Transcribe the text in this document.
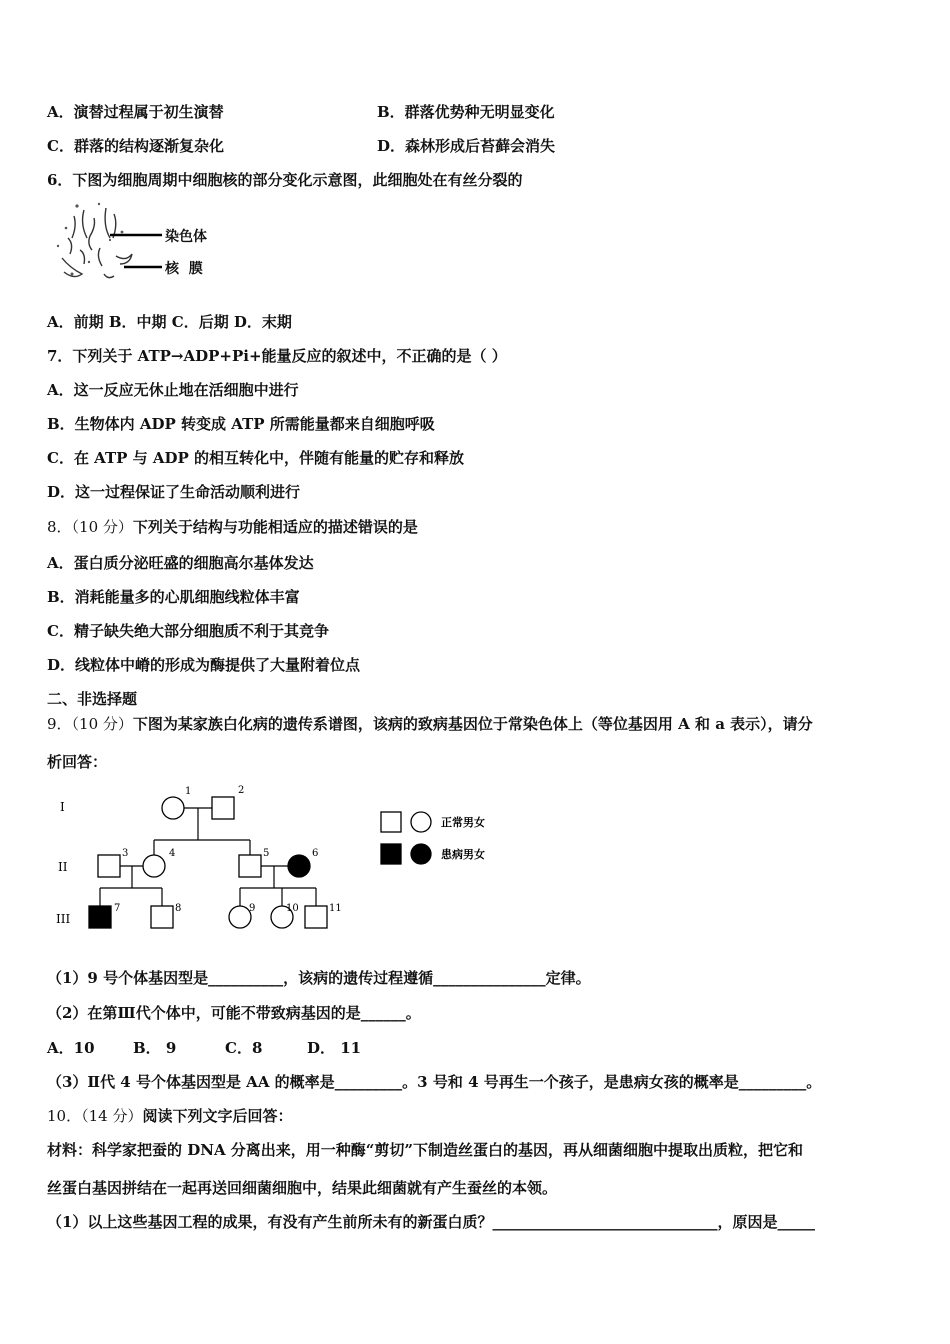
A．演替过程属于初生演替	B．群落优势种无明显变化
C．群落的结构逐渐复杂化	D．森林形成后苔藓会消失
6．下图为细胞周期中细胞核的部分变化示意图，此细胞处在有丝分裂的
染色体
核  膜
A．前期 B．中期 C．后期 D．末期
7．下列关于 ATP→ADP+Pi+能量反应的叙述中，不正确的是（ ）
A．这一反应无休止地在活细胞中进行
B．生物体内 ADP 转变成 ATP 所需能量都来自细胞呼吸
C．在 ATP 与 ADP 的相互转化中，伴随有能量的贮存和释放
D．这一过程保证了生命活动顺利进行
8．（10 分）下列关于结构与功能相适应的描述错误的是
A．蛋白质分泌旺盛的细胞高尔基体发达
B．消耗能量多的心肌细胞线粒体丰富
C．精子缺失绝大部分细胞质不利于其竞争
D．线粒体中嵴的形成为酶提供了大量附着位点
二、非选择题
9．（10 分）下图为某家族白化病的遗传系谱图，该病的致病基因位于常染色体上（等位基因用 A 和 a 表示），请分
析回答：
I
II
III
1	2
3	4	5	6
7	8	9	10	11
正常男女
患病男女
（1）9 号个体基因型是__________，该病的遗传过程遵循_______________定律。
（2）在第Ⅲ代个体中，可能不带致病基因的是______。
A．10	B． 9	C．8	D． 11
（3）Ⅱ代 4 号个体基因型是 AA 的概率是_________。3 号和 4 号再生一个孩子，是患病女孩的概率是_________。
10．（14 分）阅读下列文字后回答：
材料：科学家把蚕的 DNA 分离出来，用一种酶“剪切”下制造丝蛋白的基因，再从细菌细胞中提取出质粒，把它和
丝蛋白基因拼结在一起再送回细菌细胞中，结果此细菌就有产生蚕丝的本领。
（1）以上这些基因工程的成果，有没有产生前所未有的新蛋白质？______________________________，原因是_____
